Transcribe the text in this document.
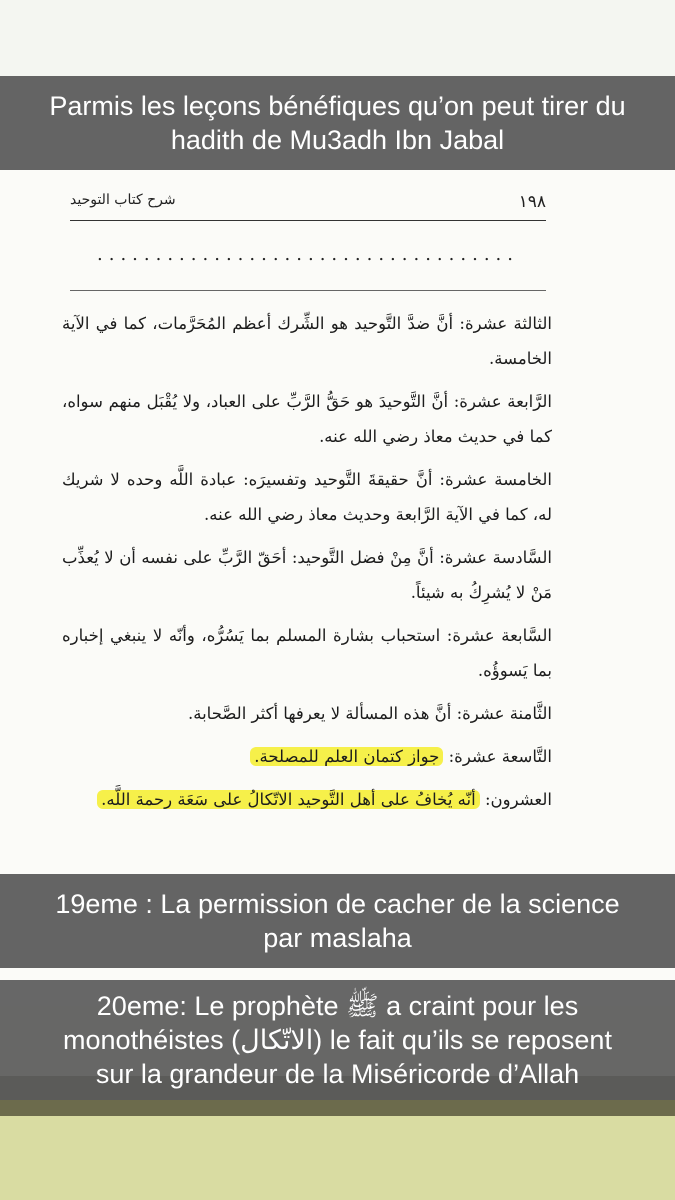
١٩٨
شرح كتاب التوحيد
....................................

الثالثة عشرة: أنَّ ضدَّ التَّوحيد هو الشِّرك أعظم المُحَرَّمات، كما في الآية الخامسة.

الرَّابعة عشرة: أنَّ التَّوحيدَ هو حَقُّ الرَّبِّ على العباد، ولا يُقْبَل منهم سواه، كما في حديث معاذ رضي الله عنه.

الخامسة عشرة: أنَّ حقيقةَ التَّوحيد وتفسيرَه: عبادة اللَّه وحده لا شريك له، كما في الآية الرَّابعة وحديث معاذ رضي الله عنه.

السَّادسة عشرة: أنَّ مِنْ فضل التَّوحيد: أحَقّ الرَّبِّ على نفسه أن لا يُعذِّب مَنْ لا يُشرِكُ به شيئاً.

السَّابعة عشرة: استحباب بشارة المسلم بما يَسُرُّه، وأنّه لا ينبغي إخباره بما يَسوؤُه.

الثَّامنة عشرة: أنَّ هذه المسألة لا يعرفها أكثر الصَّحابة.

التَّاسعة عشرة: جواز كتمان العلم للمصلحة.

العشرون: أنّه يُخافُ على أهل التَّوحيد الاتّكالُ على سَعَة رحمة اللَّه.

Parmis les leçons bénéfiques qu’on peut tirer du
hadith de Mu3adh Ibn Jabal
19eme : La permission de cacher de la science
par maslaha
20eme: Le prophète ﷺ a craint pour les
monothéistes (الاتّكال) le fait qu’ils se reposent
sur la grandeur de la Miséricorde d’Allah
